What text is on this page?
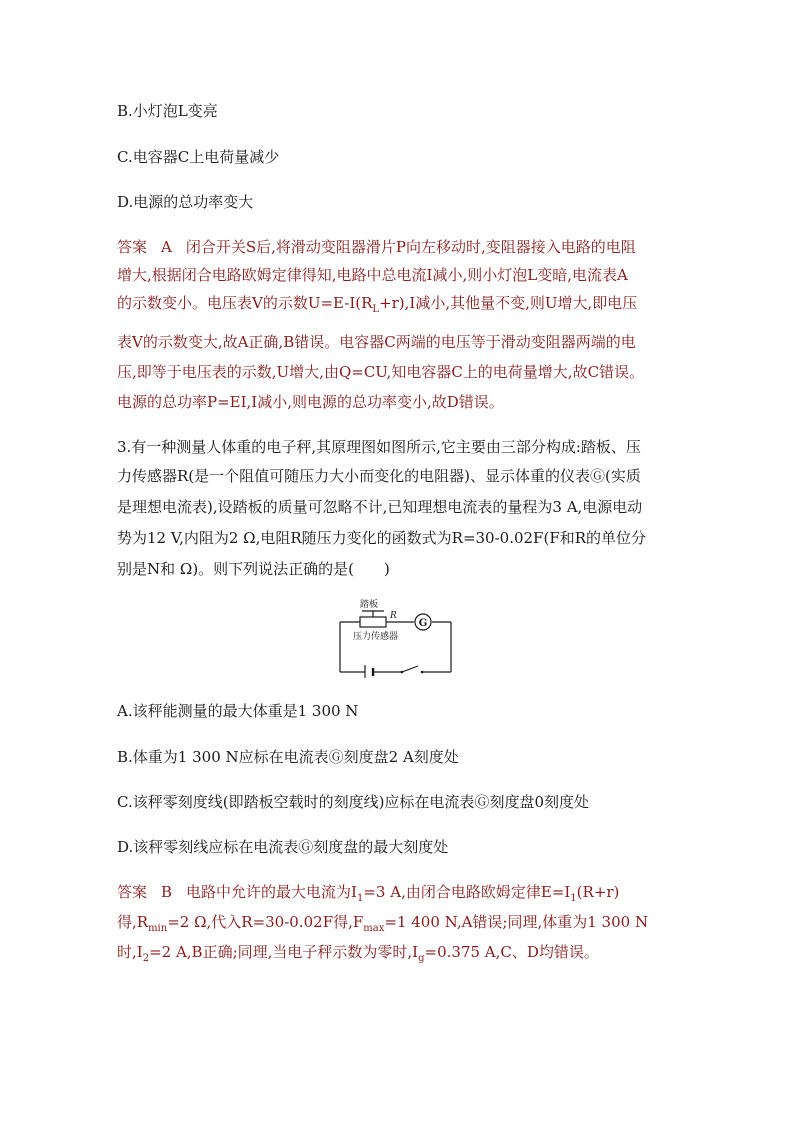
B.小灯泡L变亮
C.电容器C上电荷量减少
D.电源的总功率变大
答案 A 闭合开关S后,将滑动变阻器滑片P向左移动时,变阻器接入电路的电阻
增大,根据闭合电路欧姆定律得知,电路中总电流I减小,则小灯泡L变暗,电流表A
的示数变小。电压表V的示数$U=E-I(R_L+r),I$减小,其他量不变,则U增大,即电压
表V的示数变大,故A正确,B错误。电容器C两端的电压等于滑动变阻器两端的电
压,即等于电压表的示数,U增大,由Q=CU,知电容器C上的电荷量增大,故C错误。
电源的总功率P=EI,I减小,则电源的总功率变小,故D错误。
3.有一种测量人体重的电子秤,其原理图如图所示,它主要由三部分构成:踏板、压
力传感器R(是一个阻值可随压力大小而变化的电阻器)、显示体重的仪表Ⓖ(实质
是理想电流表),设踏板的质量可忽略不计,已知理想电流表的量程为3 A,电源电动
势为12 V,内阻为2 Ω,电阻R随压力变化的函数式为R=30-0.02F(F和R的单位分
别是N和 Ω)。则下列说法正确的是(　　)
G
踏板
R
压力传感器
A.该秤能测量的最大体重是1 300 N
B.体重为1 300 N应标在电流表Ⓖ刻度盘2 A刻度处
C.该秤零刻度线(即踏板空载时的刻度线)应标在电流表Ⓖ刻度盘0刻度处
D.该秤零刻线应标在电流表Ⓖ刻度盘的最大刻度处
答案 B 电路中允许的最大电流为$I_1=3$ A,由闭合电路欧姆定律$E=I_1(R+r)$
得$,R_{min}=2$ Ω,代入R=30-0.02F得$,F_{max}=1$ 400 N,A错误;同理,体重为1 300 N
时$,I_2=2$ A,B正确;同理,当电子秤示数为零时$,I_g=0.375$ A,C、D均错误。
